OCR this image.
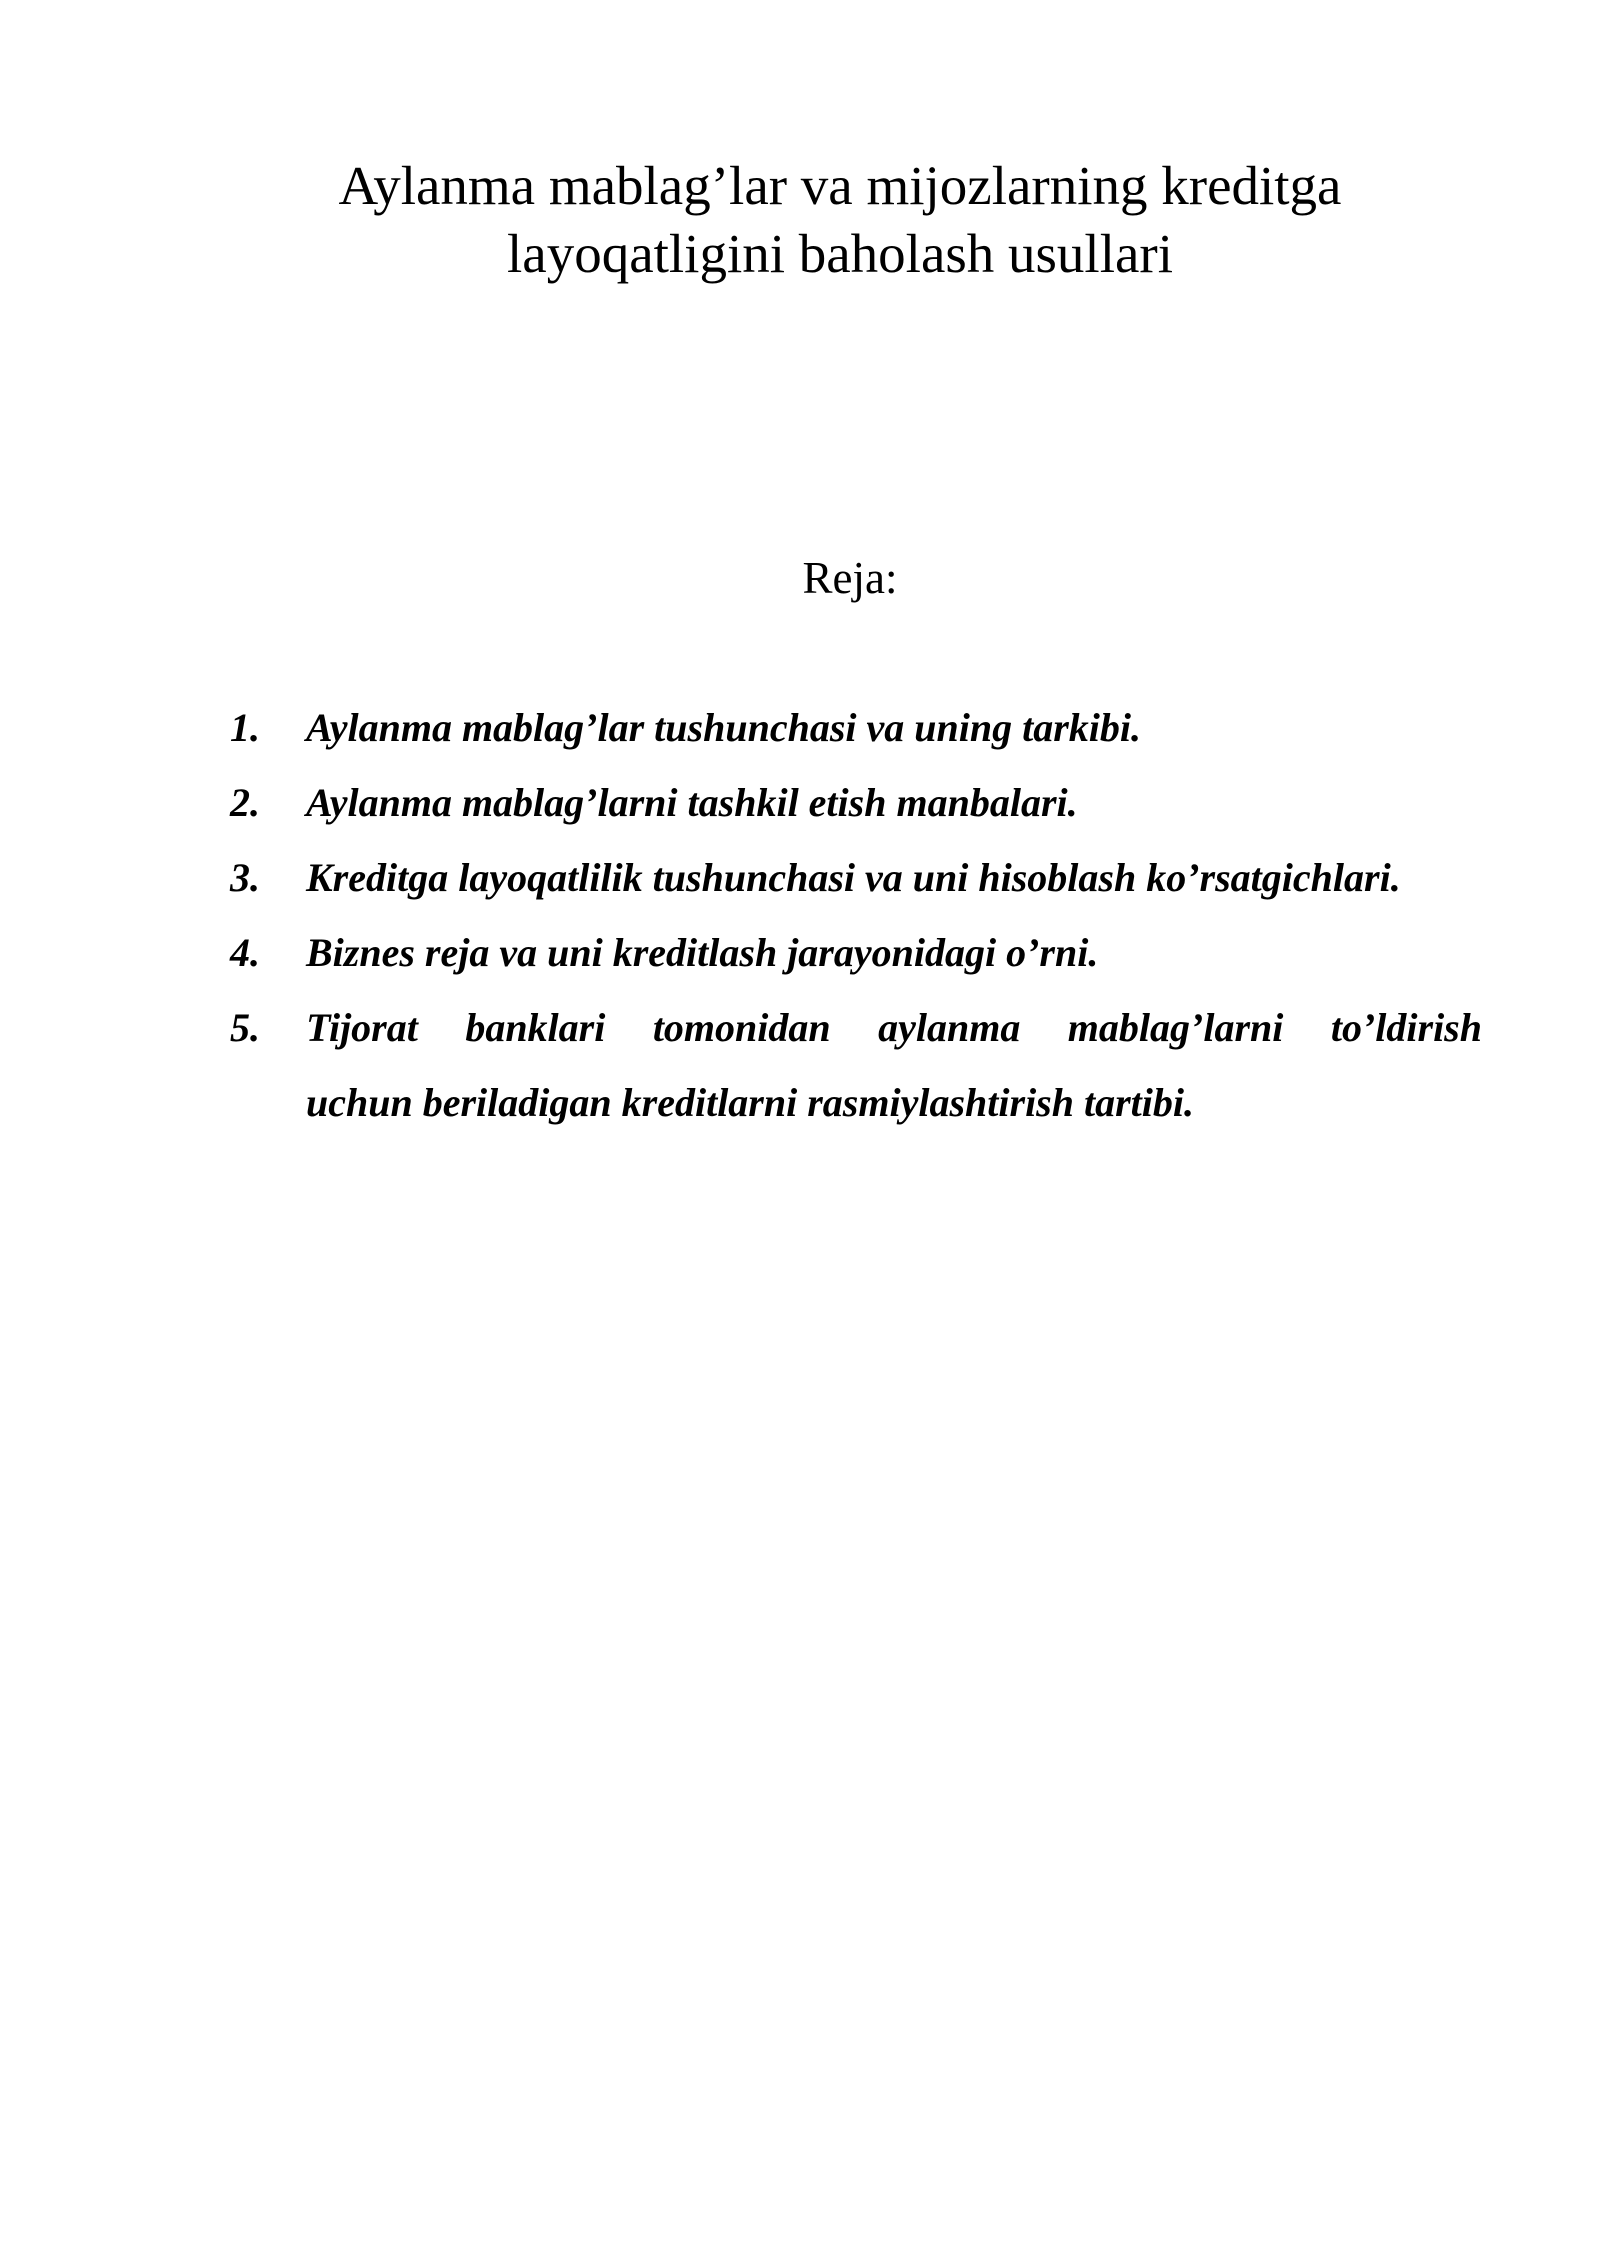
Aylanma mablag’lar va mijozlarning kreditga
layoqatligini baholash usullari

Reja:

1.	Aylanma mablag’lar tushunchasi va uning tarkibi.
2.	Aylanma mablag’larni tashkil etish manbalari.
3.	Kreditga layoqatlilik tushunchasi va uni hisoblash ko’rsatgichlari.
4.	Biznes reja va uni kreditlash jarayonidagi o’rni.
5.	Tijorat banklari tomonidan aylanma mablag’larni to’ldirish
uchun beriladigan kreditlarni rasmiylashtirish tartibi.
